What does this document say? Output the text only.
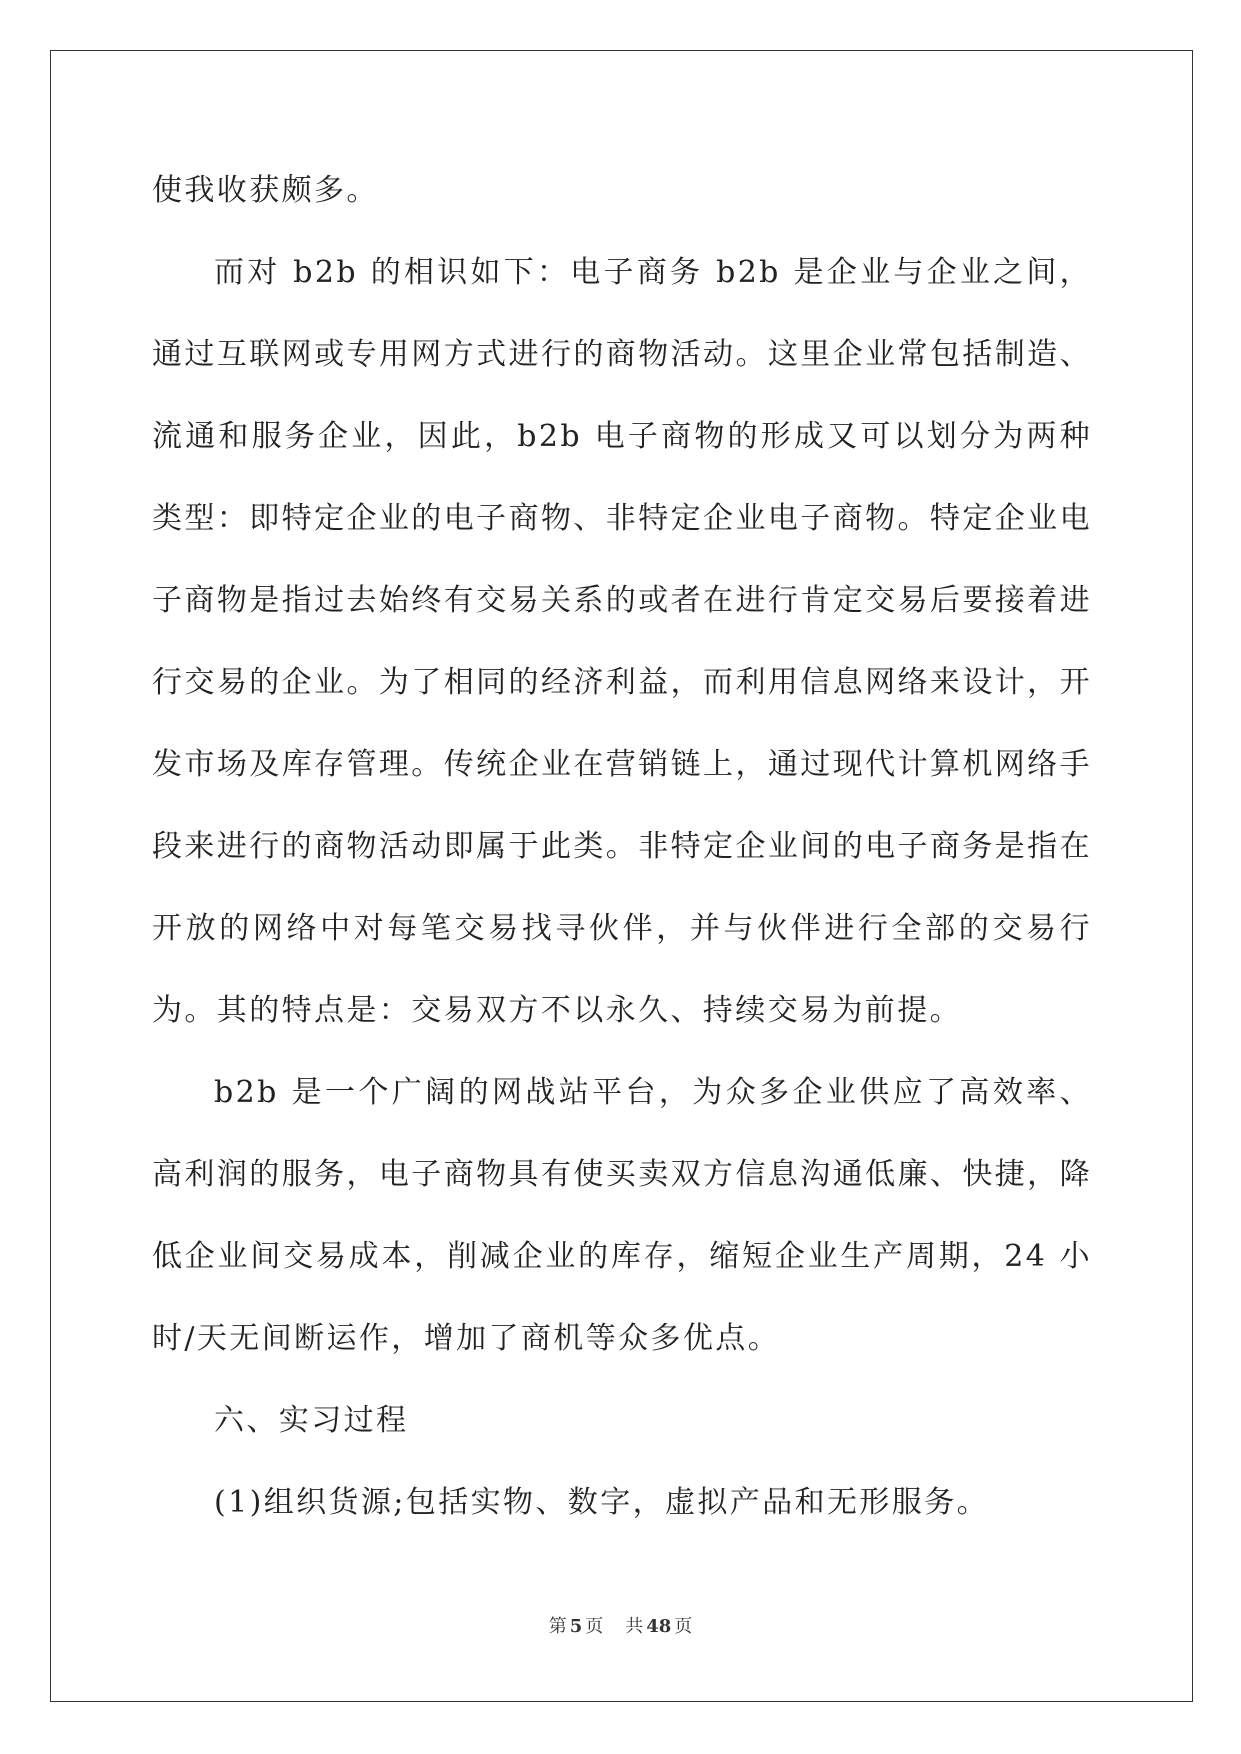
使我收获颇多。

而对 b2b 的相识如下：电子商务 b2b 是企业与企业之间，通过互联网或专用网方式进行的商物活动。这里企业常包括制造、流通和服务企业，因此，b2b 电子商物的形成又可以划分为两种类型：即特定企业的电子商物、非特定企业电子商物。特定企业电子商物是指过去始终有交易关系的或者在进行肯定交易后要接着进行交易的企业。为了相同的经济利益，而利用信息网络来设计，开发市场及库存管理。传统企业在营销链上，通过现代计算机网络手段来进行的商物活动即属于此类。非特定企业间的电子商务是指在开放的网络中对每笔交易找寻伙伴，并与伙伴进行全部的交易行为。其的特点是：交易双方不以永久、持续交易为前提。

b2b 是一个广阔的网战站平台，为众多企业供应了高效率、高利润的服务，电子商物具有使买卖双方信息沟通低廉、快捷，降低企业间交易成本，削减企业的库存，缩短企业生产周期，24 小时/天无间断运作，增加了商机等众多优点。

六、实习过程

(1)组织货源;包括实物、数字，虚拟产品和无形服务。

第 5 页 共 48 页
